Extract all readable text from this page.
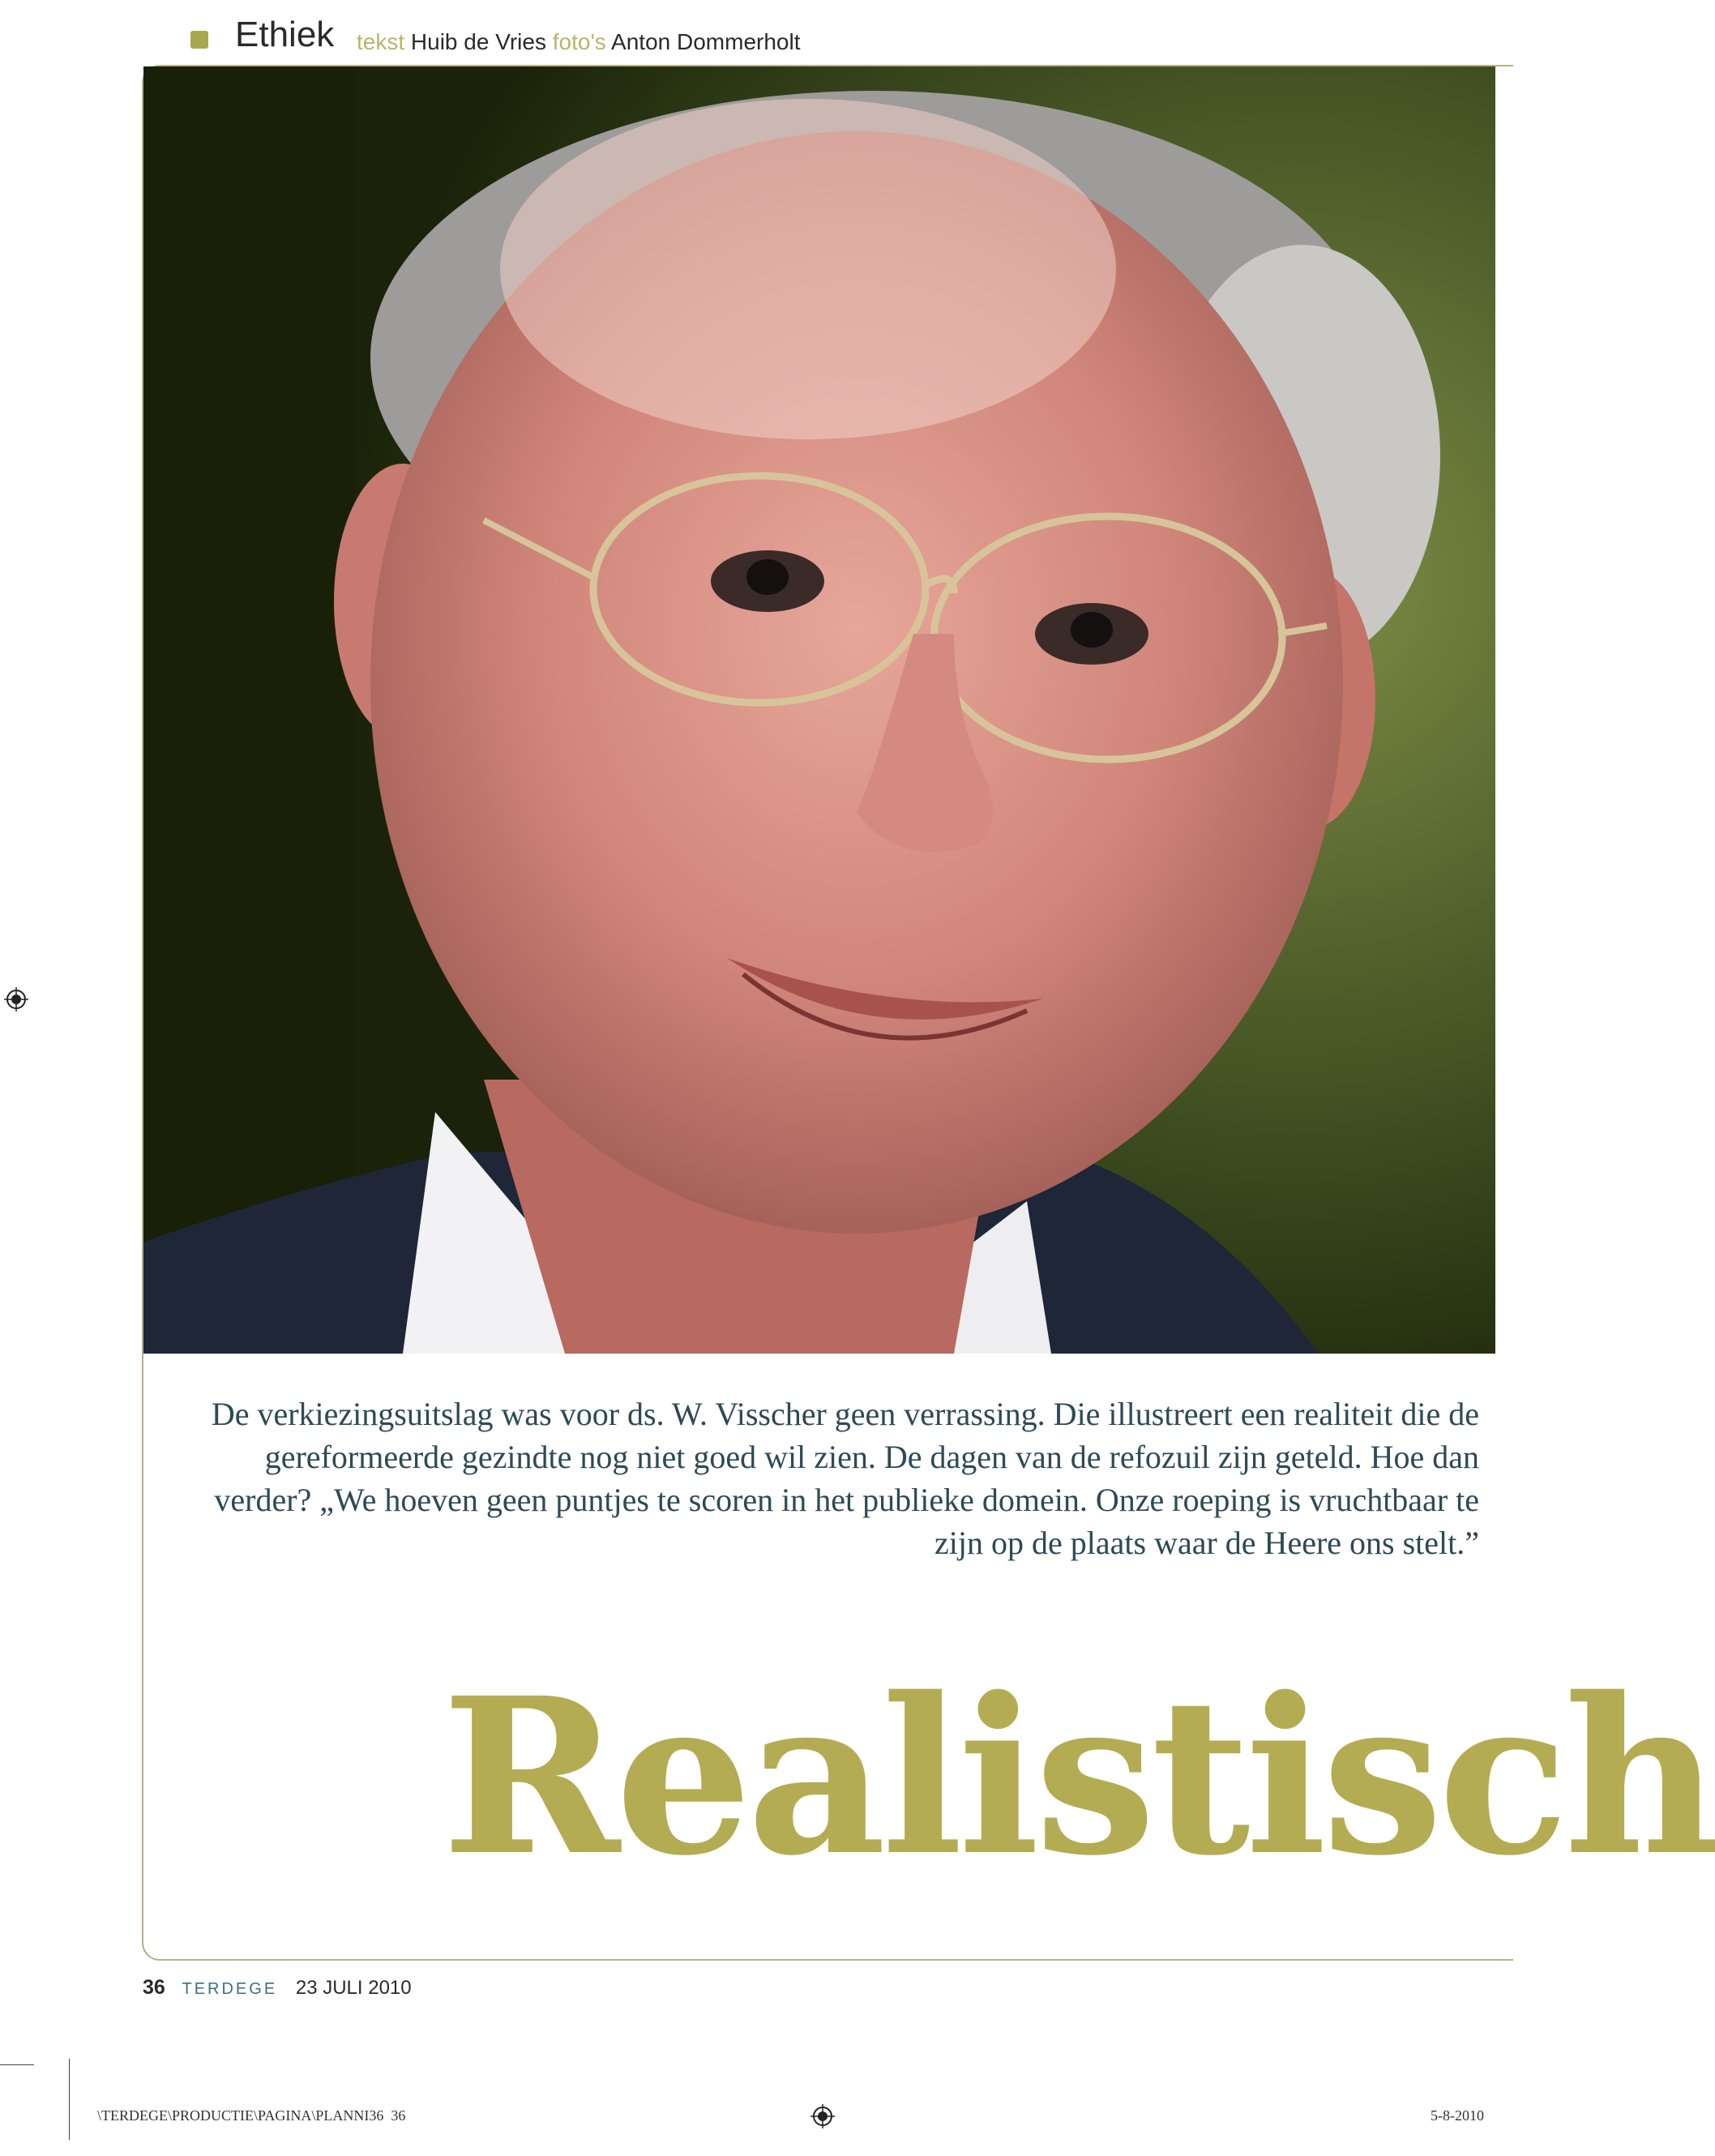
Ethiek tekst Huib de Vries foto's Anton Dommerholt
De verkiezingsuitslag was voor ds. W. Visscher geen verrassing. Die illustreert een realiteit die de gereformeerde gezindte nog niet goed wil zien. De dagen van de refozuil zijn geteld. Hoe dan verder? „We hoeven geen puntjes te scoren in het publieke domein. Onze roeping is vruchtbaar te zijn op de plaats waar de Heere ons stelt.”
Realistisch
36 TERDEGE 23 JULI 2010
\TERDEGE\PRODUCTIE\PAGINA\PLANNI36 36	5-8-2010
